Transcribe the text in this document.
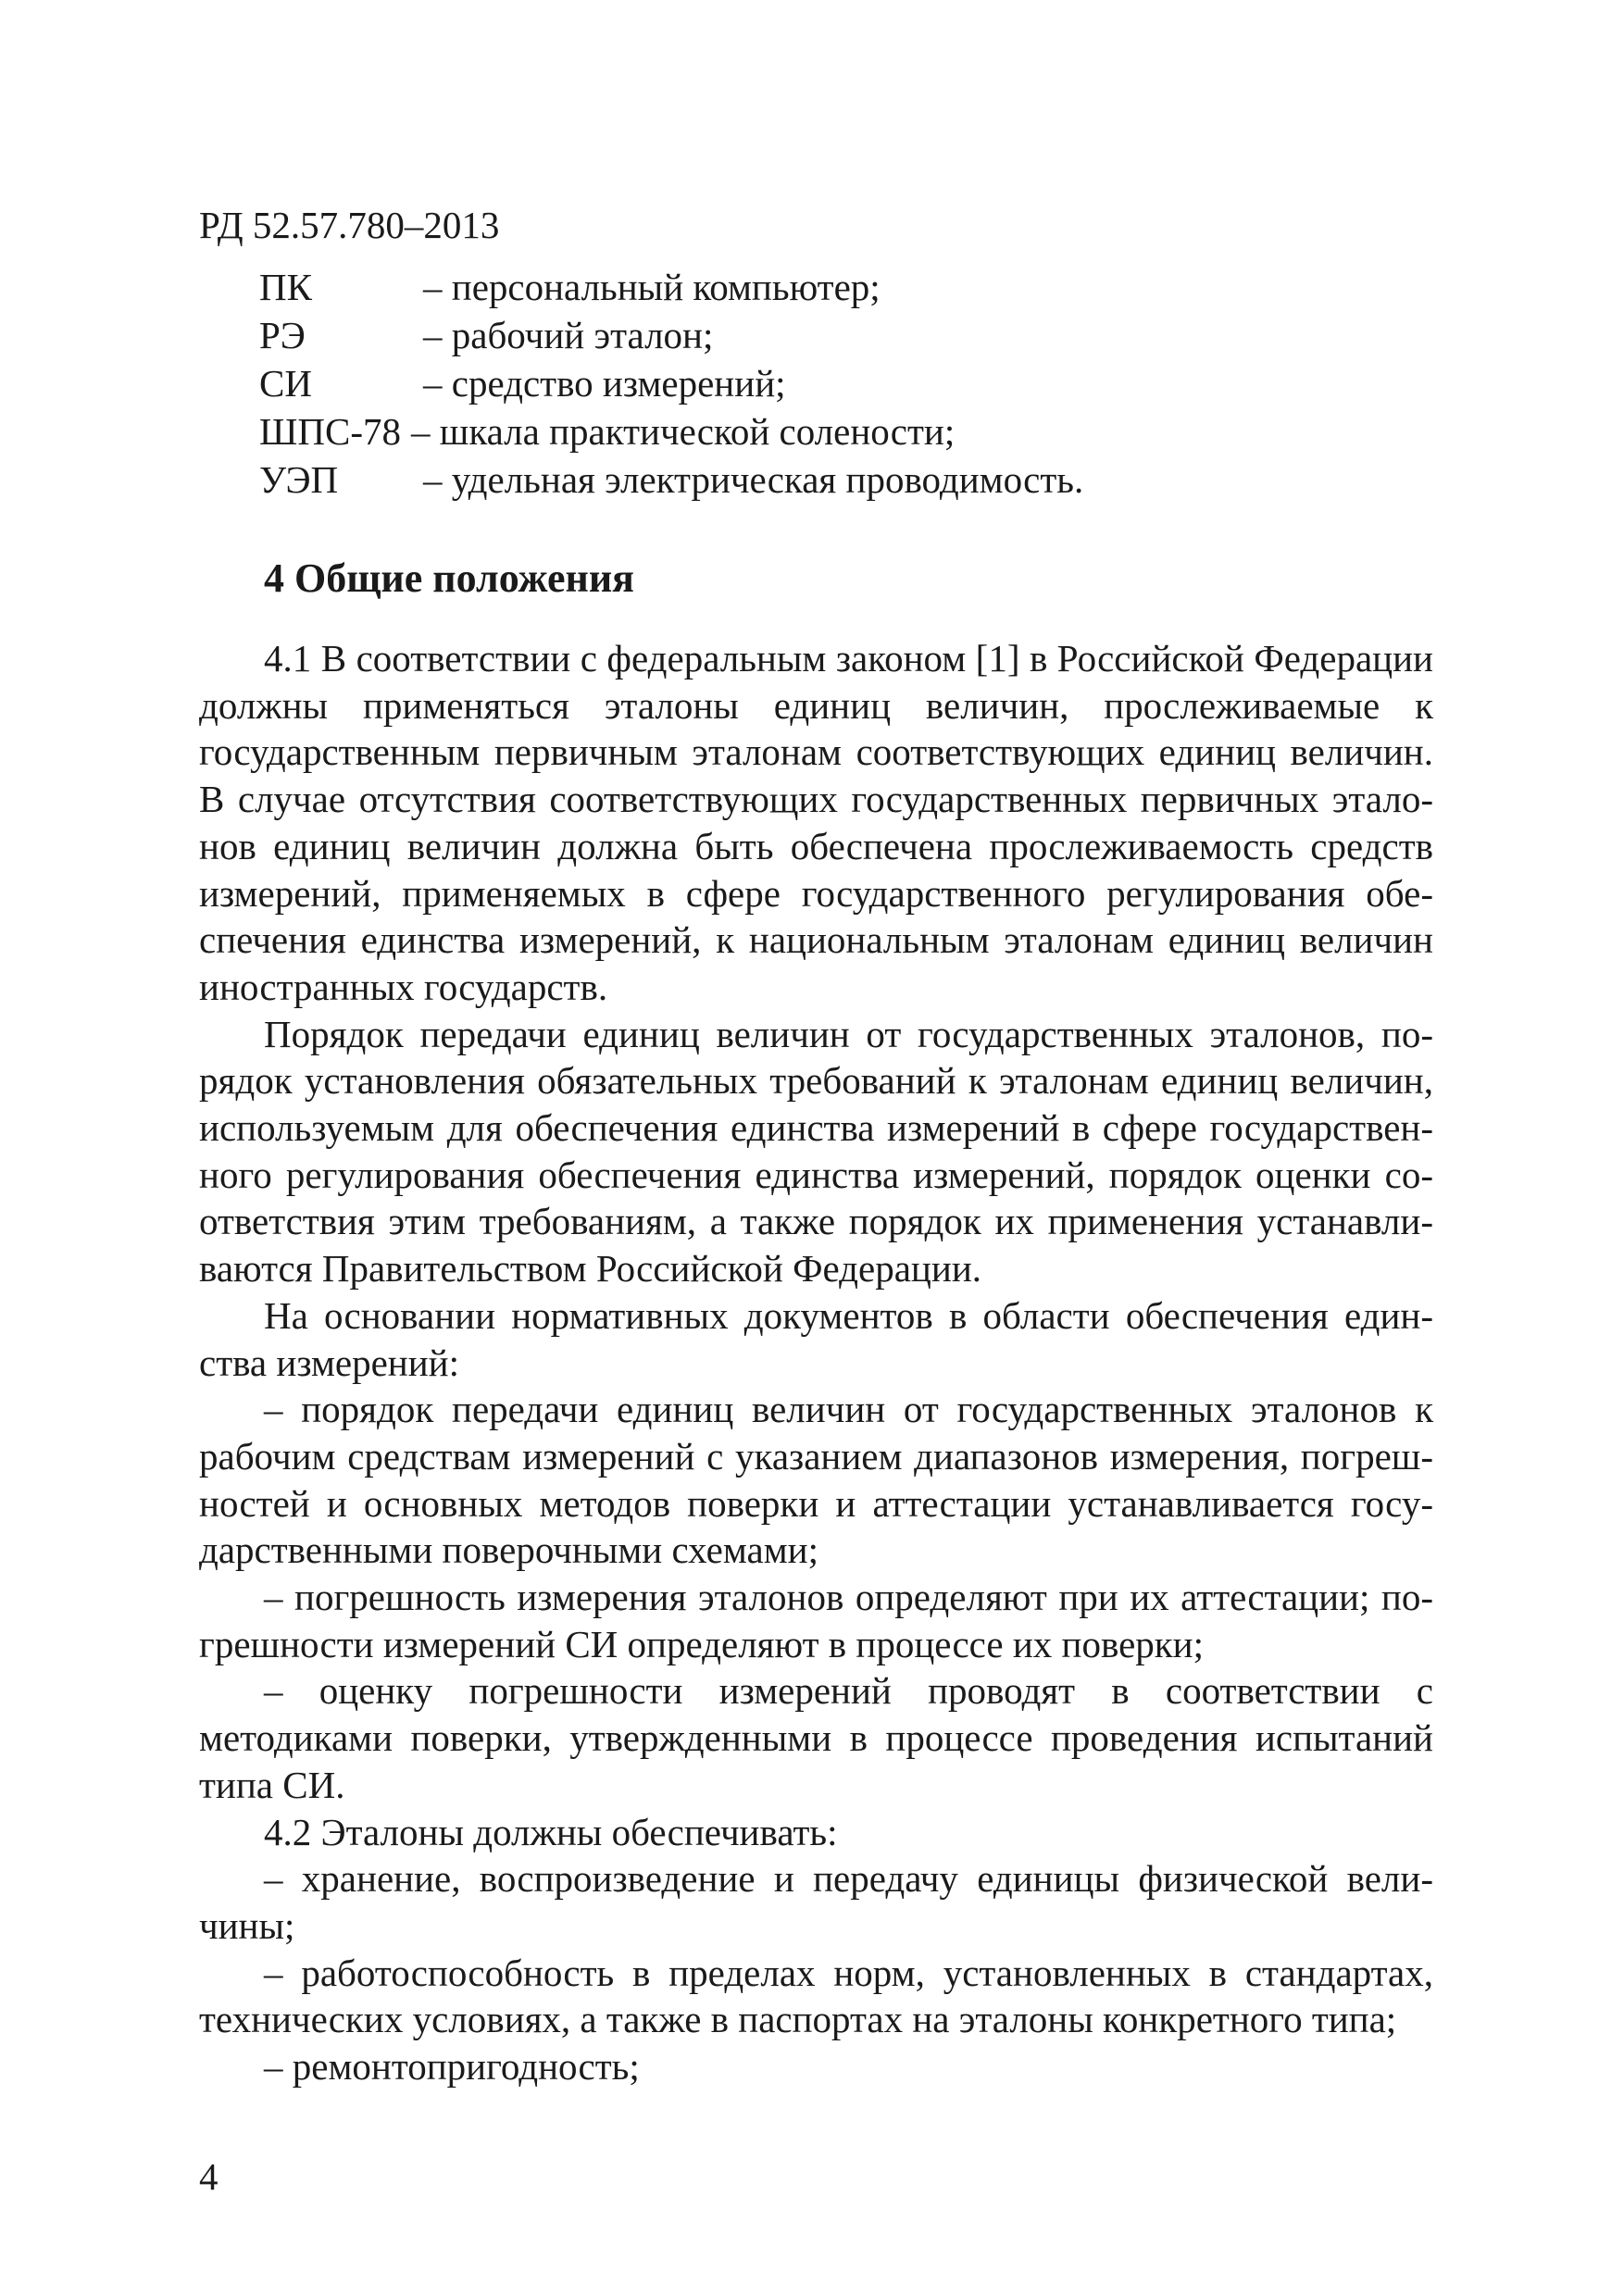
РД 52.57.780–2013
ПК	– персональный компьютер;
РЭ	– рабочий эталон;
СИ	– средство измерений;
ШПС-78 – шкала практической солености;
УЭП – удельная электрическая проводимость.
4 Общие положения

4.1 В соответствии с федеральным законом [1] в Российской Федерации должны применяться эталоны единиц величин, прослеживаемые к государственным первичным эталонам соответствующих единиц величин. В случае отсутствия соответствующих государственных первичных эталонов единиц величин должна быть обеспечена прослеживаемость средств измерений, применяемых в сфере государственного регулирования обеспечения единства измерений, к национальным эталонам единиц величин иностранных государств.

Порядок передачи единиц величин от государственных эталонов, порядок установления обязательных требований к эталонам единиц величин, используемым для обеспечения единства измерений в сфере государственного регулирования обеспечения единства измерений, порядок оценки соответствия этим требованиям, а также порядок их применения устанавливаются Правительством Российской Федерации.

На основании нормативных документов в области обеспечения единства измерений:

– порядок передачи единиц величин от государственных эталонов к рабочим средствам измерений с указанием диапазонов измерения, погрешностей и основных методов поверки и аттестации устанавливается государственными поверочными схемами;

– погрешность измерения эталонов определяют при их аттестации; погрешности измерений СИ определяют в процессе их поверки;

– оценку погрешности измерений проводят в соответствии с методиками поверки, утвержденными в процессе проведения испытаний типа СИ.

4.2 Эталоны должны обеспечивать:

– хранение, воспроизведение и передачу единицы физической величины;

– работоспособность в пределах норм, установленных в стандартах, технических условиях, а также в паспортах на эталоны конкретного типа;

– ремонтопригодность;

4
